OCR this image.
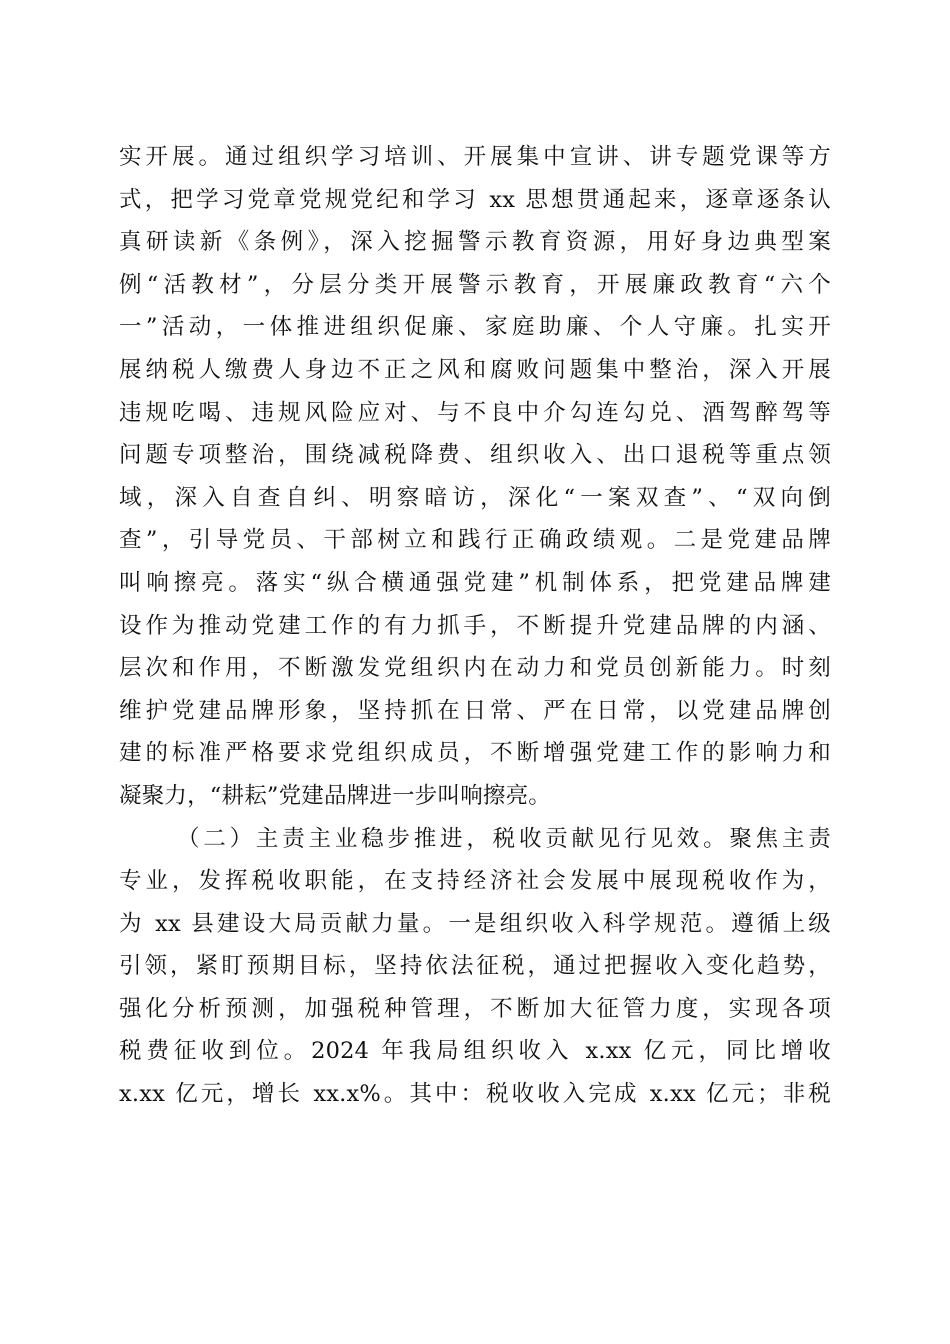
实开展。通过组织学习培训、开展集中宣讲、讲专题党课等方
式，把学习党章党规党纪和学习 xx 思想贯通起来，逐章逐条认
真研读新《条例》，深入挖掘警示教育资源，用好身边典型案
例“活教材”，分层分类开展警示教育，开展廉政教育“六个
一”活动，一体推进组织促廉、家庭助廉、个人守廉。扎实开
展纳税人缴费人身边不正之风和腐败问题集中整治，深入开展
违规吃喝、违规风险应对、与不良中介勾连勾兑、酒驾醉驾等
问题专项整治，围绕减税降费、组织收入、出口退税等重点领
域，深入自查自纠、明察暗访，深化“一案双查”、“双向倒
查”，引导党员、干部树立和践行正确政绩观。二是党建品牌
叫响擦亮。落实“纵合横通强党建”机制体系，把党建品牌建
设作为推动党建工作的有力抓手，不断提升党建品牌的内涵、
层次和作用，不断激发党组织内在动力和党员创新能力。时刻
维护党建品牌形象，坚持抓在日常、严在日常，以党建品牌创
建的标准严格要求党组织成员，不断增强党建工作的影响力和
凝聚力，“耕耘”党建品牌进一步叫响擦亮。
（二）主责主业稳步推进，税收贡献见行见效。聚焦主责
专业，发挥税收职能，在支持经济社会发展中展现税收作为，
为 xx 县建设大局贡献力量。一是组织收入科学规范。遵循上级
引领，紧盯预期目标，坚持依法征税，通过把握收入变化趋势，
强化分析预测，加强税种管理，不断加大征管力度，实现各项
税费征收到位。2024 年我局组织收入 x.xx 亿元，同比增收
x.xx 亿元，增长 xx.x%。其中：税收收入完成 x.xx 亿元；非税
